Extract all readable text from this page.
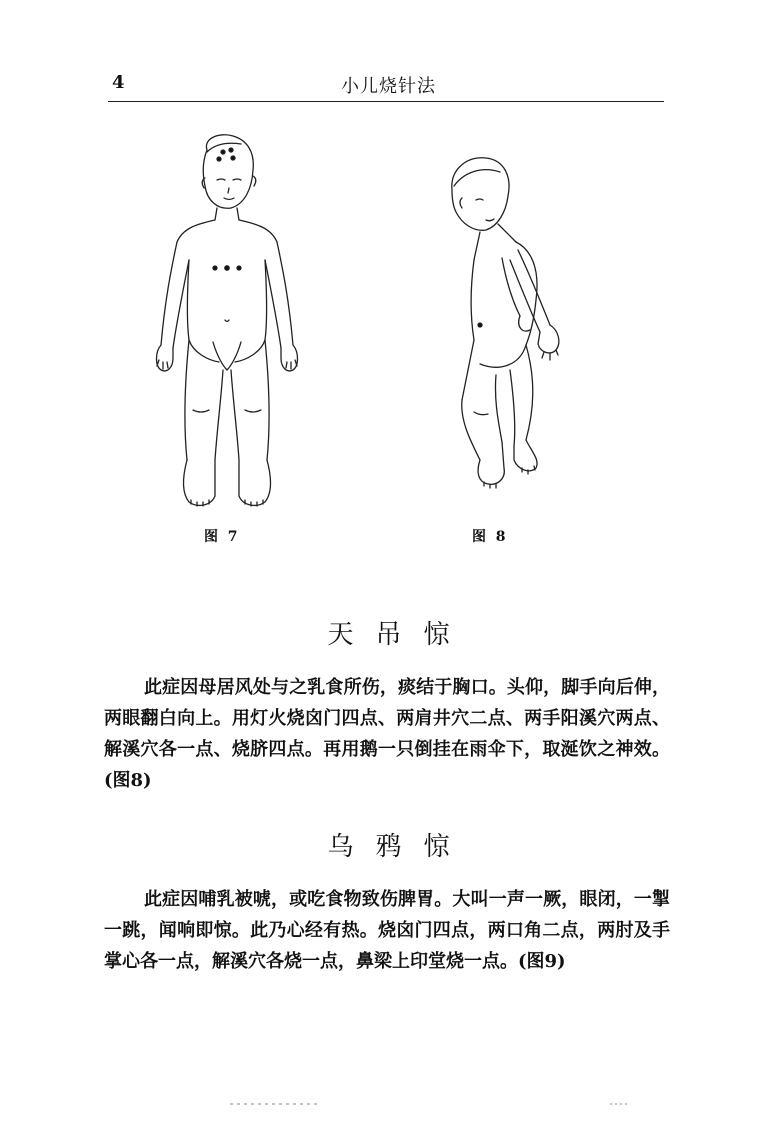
4	小儿烧针法
图  7	图  8
天吊惊
此症因母居风处与之乳食所伤，痰结于胸口。头仰，脚手向后伸，两眼翻白向上。用灯火烧囟门四点、两肩井穴二点、两手阳溪穴两点、解溪穴各一点、烧脐四点。再用鹅一只倒挂在雨伞下，取涎饮之神效。(图8)
乌鸦惊
此症因哺乳被唬，或吃食物致伤脾胃。大叫一声一厥，眼闭，一掣一跳，闻响即惊。此乃心经有热。烧囟门四点，两口角二点，两肘及手掌心各一点，解溪穴各烧一点，鼻梁上印堂烧一点。(图9)
